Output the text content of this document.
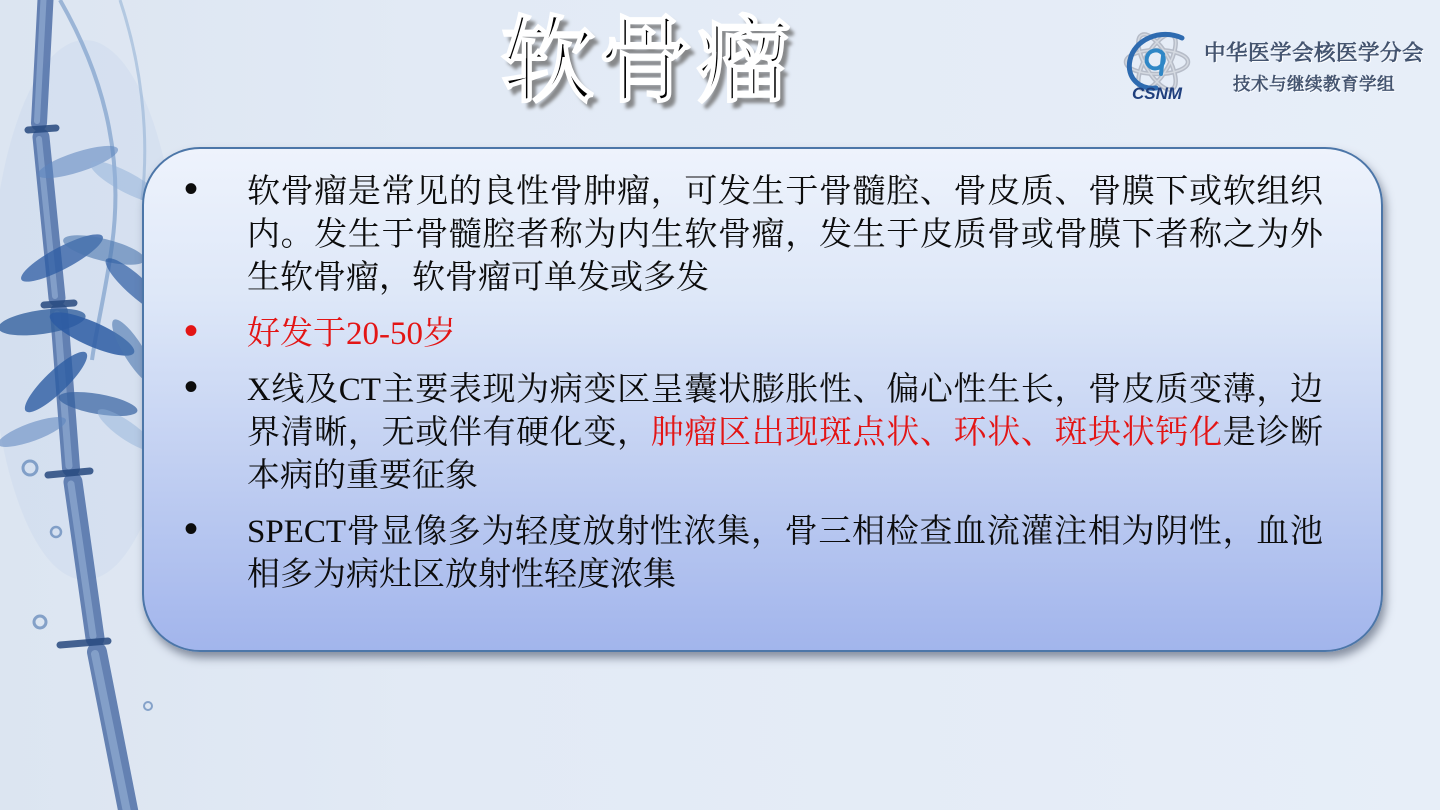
软骨瘤	CSNM
中华医学会核医学分会
技术与继续教育学组
• 软骨瘤是常见的良性骨肿瘤，可发生于骨髓腔、骨皮质、骨膜下或软组织内。发生于骨髓腔者称为内生软骨瘤，发生于皮质骨或骨膜下者称之为外生软骨瘤，软骨瘤可单发或多发
• 好发于20-50岁
• X线及CT主要表现为病变区呈囊状膨胀性、偏心性生长，骨皮质变薄，边界清晰，无或伴有硬化变，肿瘤区出现斑点状、环状、斑块状钙化是诊断本病的重要征象
• SPECT骨显像多为轻度放射性浓集，骨三相检查血流灌注相为阴性，血池相多为病灶区放射性轻度浓集
